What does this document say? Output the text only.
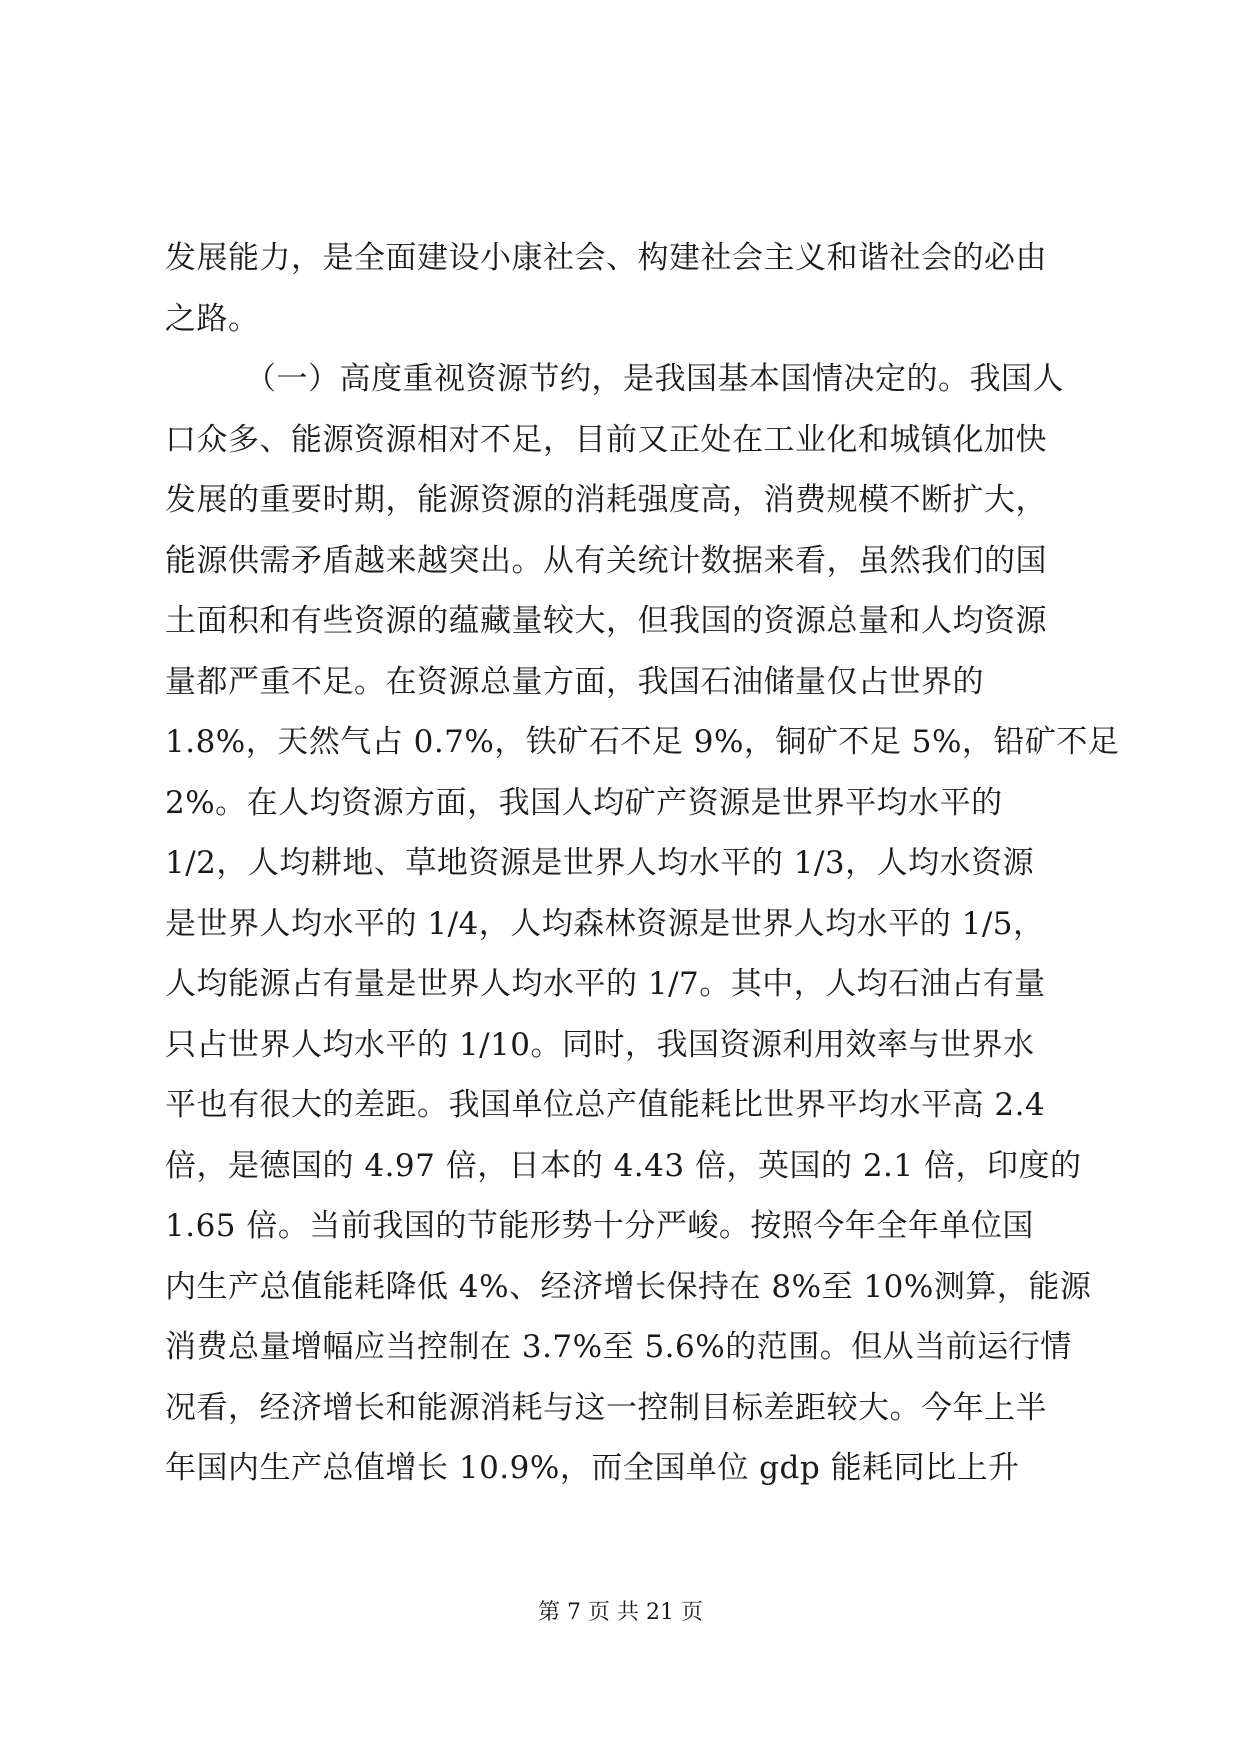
发展能力，是全面建设小康社会、构建社会主义和谐社会的必由
之路。
（一）高度重视资源节约，是我国基本国情决定的。我国人
口众多、能源资源相对不足，目前又正处在工业化和城镇化加快
发展的重要时期，能源资源的消耗强度高，消费规模不断扩大，
能源供需矛盾越来越突出。从有关统计数据来看，虽然我们的国
土面积和有些资源的蕴藏量较大，但我国的资源总量和人均资源
量都严重不足。在资源总量方面，我国石油储量仅占世界的
1.8%，天然气占 0.7%，铁矿石不足 9%，铜矿不足 5%，铅矿不足
2%。在人均资源方面，我国人均矿产资源是世界平均水平的
1/2，人均耕地、草地资源是世界人均水平的 1/3，人均水资源
是世界人均水平的 1/4，人均森林资源是世界人均水平的 1/5，
人均能源占有量是世界人均水平的 1/7。其中，人均石油占有量
只占世界人均水平的 1/10。同时，我国资源利用效率与世界水
平也有很大的差距。我国单位总产值能耗比世界平均水平高 2.4
倍，是德国的 4.97 倍，日本的 4.43 倍，英国的 2.1 倍，印度的
1.65 倍。当前我国的节能形势十分严峻。按照今年全年单位国
内生产总值能耗降低 4%、经济增长保持在 8%至 10%测算，能源
消费总量增幅应当控制在 3.7%至 5.6%的范围。但从当前运行情
况看，经济增长和能源消耗与这一控制目标差距较大。今年上半
年国内生产总值增长 10.9%，而全国单位 gdp 能耗同比上升
第 7 页 共 21 页
